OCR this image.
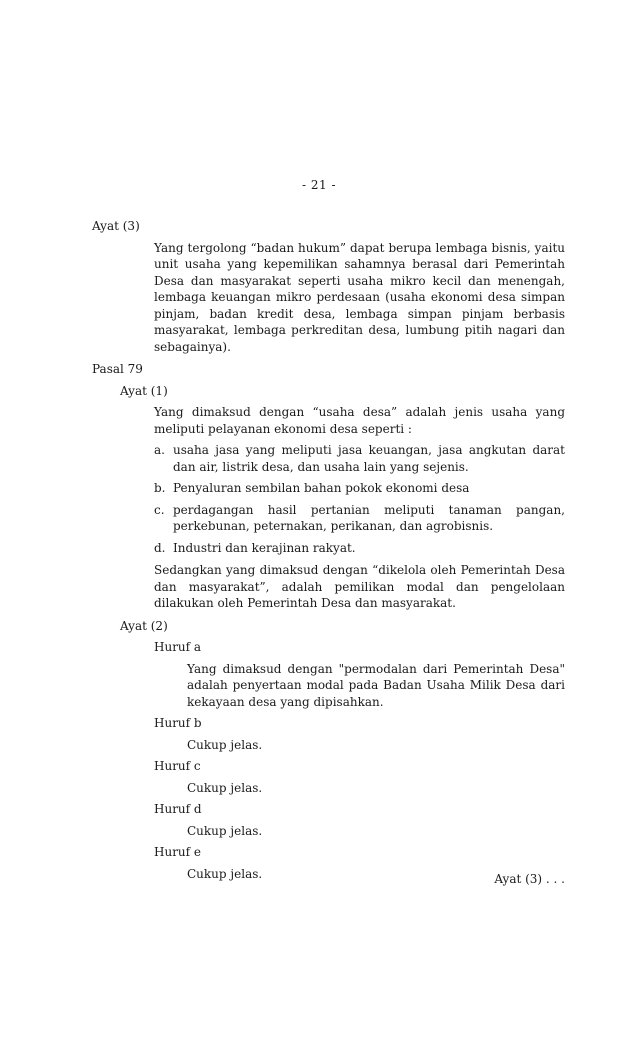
- 21 -

Ayat (3)

Yang tergolong “badan hukum” dapat berupa lembaga bisnis, yaitu unit usaha yang kepemilikan sahamnya berasal dari Pemerintah Desa dan masyarakat seperti usaha mikro kecil dan menengah, lembaga keuangan mikro perdesaan (usaha ekonomi desa simpan pinjam, badan kredit desa, lembaga simpan pinjam berbasis masyarakat, lembaga perkreditan desa, lumbung pitih nagari dan sebagainya).

Pasal 79

Ayat (1)

Yang dimaksud dengan “usaha desa” adalah jenis usaha yang meliputi pelayanan ekonomi desa seperti :

a. usaha jasa yang meliputi jasa keuangan, jasa angkutan darat dan air, listrik desa, dan usaha lain yang sejenis.
b. Penyaluran sembilan bahan pokok ekonomi desa
c. perdagangan hasil pertanian meliputi tanaman pangan, perkebunan, peternakan, perikanan, dan agrobisnis.
d. Industri dan kerajinan rakyat.

Sedangkan yang dimaksud dengan “dikelola oleh Pemerintah Desa dan masyarakat”, adalah pemilikan modal dan pengelolaan dilakukan oleh Pemerintah Desa dan masyarakat.

Ayat (2)

Huruf a

Yang dimaksud dengan "permodalan dari Pemerintah Desa" adalah penyertaan modal pada Badan Usaha Milik Desa dari kekayaan desa yang dipisahkan.

Huruf b

Cukup jelas.

Huruf c

Cukup jelas.

Huruf d

Cukup jelas.

Huruf e

Cukup jelas.	Ayat (3) . . .
